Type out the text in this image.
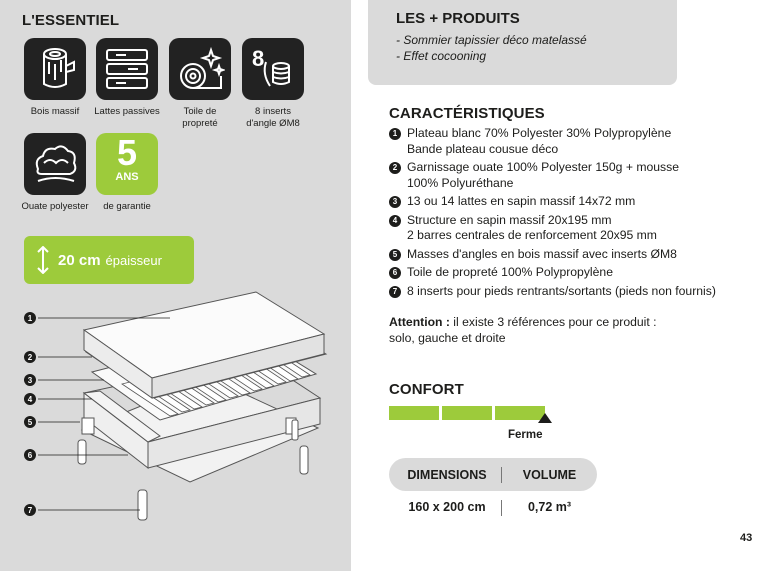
L'ESSENTIEL
8
Bois massif	Lattes passives	Toile de propreté
8 inserts d'angle ØM8
5
ANS
Ouate polyester	de garantie
20 cm épaisseur
1
2
3
4
5
6
7
LES + PRODUITS

- Sommier tapissier déco matelassé

- Effet cocooning

CARACTÉRISTIQUES
1 Plateau blanc 70% Polyester 30% Polypropylène
Bande plateau cousue déco
2 Garnissage ouate 100% Polyester 150g + mousse
100% Polyuréthane
3 13 ou 14 lattes en sapin massif 14x72 mm
4 Structure en sapin massif 20x195 mm
2 barres centrales de renforcement 20x95 mm
5 Masses d'angles en bois massif avec inserts ØM8
6 Toile de propreté 100% Polypropylène
7 8 inserts pour pieds rentrants/sortants (pieds non fournis)
Attention : il existe 3 références pour ce produit :
solo, gauche et droite
CONFORT
Ferme
DIMENSIONS	VOLUME
160 x 200 cm	0,72 m³
43
